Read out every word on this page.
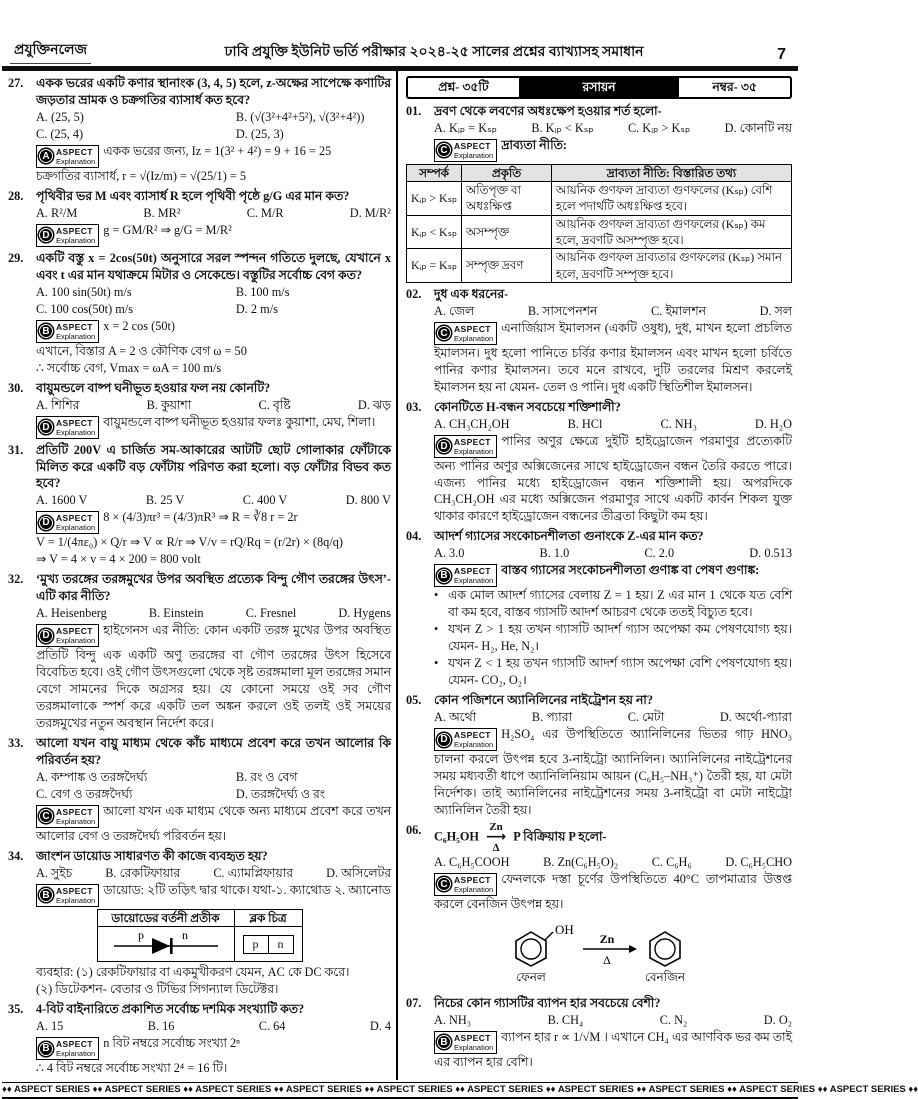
প্রযুক্তিনলেজ	ঢাবি প্রযুক্তি ইউনিট ভর্তি পরীক্ষার ২০২৪-২৫ সালের প্রশ্নের ব্যাখ্যাসহ সমাধান	7
27.	একক ভরের একটি কণার স্থানাংক (3, 4, 5) হলে, z-অক্ষের সাপেক্ষে কণাটির জড়তার ভ্রামক ও চক্রগতির ব্যাসার্ধ কত হবে?
A. (25, 5)	B. (√(3²+4²+5²), √(3²+4²))
C. (25, 4)	D. (25, 3)
A ASPECT
Explanation
একক ভরের জন্য, Iz = 1(3² + 4²) = 9 + 16 = 25
চক্রগতির ব্যাসার্ধ, r = √(Iz/m) = √(25/1) = 5
28.	পৃথিবীর ভর M এবং ব্যাসার্ধ R হলে পৃথিবী পৃষ্ঠে g/G এর মান কত?
A. R²/M	B. MR²	C. M/R	D. M/R²
D ASPECT
Explanation
g = GM/R² ⇒ g/G = M/R²
29.	একটি বস্তু x = 2cos(50t) অনুসারে সরল স্পন্দন গতিতে দুলছে, যেখানে x এবং t এর মান যথাক্রমে মিটার ও সেকেন্ডে। বস্তুটির সর্বোচ্চ বেগ কত?
A. 100 sin(50t) m/s	B. 100 m/s
C. 100 cos(50t) m/s	D. 2 m/s
B ASPECT
Explanation
x = 2 cos (50t)
এখানে, বিস্তার A = 2 ও কৌণিক বেগ ω = 50
∴ সর্বোচ্চ বেগ, Vmax = ωA = 100 m/s
30.	বায়ুমন্ডলে বাষ্প ঘনীভূত হওয়ার ফল নয় কোনটি?
A. শিশির	B. কুয়াশা	C. বৃষ্টি	D. ঝড়
D ASPECT
Explanation
বায়ুমন্ডলে বাষ্প ঘনীভূত হওয়ার ফলঃ কুয়াশা, মেঘ, শিলা।
31.	প্রতিটি 200V এ চার্জিত সম-আকারের আটটি ছোট গোলাকার ফোঁটাকে মিলিত করে একটি বড় ফোঁটায় পরিণত করা হলো। বড় ফোঁটার বিভব কত হবে?
A. 1600 V	B. 25 V	C. 400 V	D. 800 V
D ASPECT
Explanation
8 × (4/3)πr³ = (4/3)πR³ ⇒ R = ∛8 r = 2r
V = 1/(4πε₀) × Q/r ⇒ V ∝ R/r ⇒ V/v = rQ/Rq = (r/2r) × (8q/q)
⇒ V = 4 × v = 4 × 200 = 800 volt
32.	‘মুখ্য তরঙ্গের তরঙ্গমুখের উপর অবস্থিত প্রত্যেক বিন্দু গৌণ তরঙ্গের উৎস’-এটি কার নীতি?
A. Heisenberg	B. Einstein	C. Fresnel	D. Hygens
D ASPECT
Explanation
হাইগেনস এর নীতি: কোন একটি তরঙ্গ মুখের উপর অবস্থিত প্রতিটি বিন্দু এক একটি অণু তরঙ্গের বা গৌণ তরঙ্গের উৎস হিসেবে বিবেচিত হবে। ওই গৌণ উৎসগুলো থেকে সৃষ্ট তরঙ্গমালা মূল তরঙ্গের সমান বেগে সামনের দিকে অগ্রসর হয়। যে কোনো সময়ে ওই সব গৌণ তরঙ্গমালাকে স্পর্শ করে একটি তল অঙ্কন করলে ওই তলই ওই সময়ের তরঙ্গমুখের নতুন অবস্থান নির্দেশ করে।
33.	আলো যখন বায়ু মাধ্যম থেকে কাঁচ মাধ্যমে প্রবেশ করে তখন আলোর কি পরিবর্তন হয়?
A. কম্পাঙ্ক ও তরঙ্গদৈর্ঘ্য	B. রং ও বেগ
C. বেগ ও তরঙ্গদৈর্ঘ্য	D. তরঙ্গদৈর্ঘ্য ও রং
C ASPECT
Explanation
আলো যখন এক মাধ্যম থেকে অন্য মাধ্যমে প্রবেশ করে তখন আলোর বেগ ও তরঙ্গদৈর্ঘ্য পরিবর্তন হয়।
34.	জাংশন ডায়োড সাধারণত কী কাজে ব্যবহৃত হয়?
A. সুইচ	B. রেকটিফায়ার	C. এ্যামপ্লিফায়ার	D. অসিলেটর
B ASPECT
Explanation
ডায়োড: ২টি তড়িৎ দ্বার থাকে। যথা-১. ক্যাথোড ২. অ্যানোড
ডায়োডের বর্তনী প্রতীক	ব্লক চিত্র

p n	p n
ব্যবহার: (১) রেকটিফায়ার বা একমুখীকরণ যেমন, AC কে DC করে।
(২) ডিটেকশন- বেতার ও টিভির সিগন্যাল ডিটেক্টর।
35.	4-বিট বাইনারিতে প্রকাশিত সর্বোচ্চ দশমিক সংখ্যাটি কত?
A. 15	B. 16	C. 64	D. 4
B ASPECT
Explanation
n বিট নম্বরে সর্বোচ্চ সংখ্যা 2ⁿ
∴ 4 বিট নম্বরে সর্বোচ্চ সংখ্যা 2⁴ = 16 টি।
প্রশ্ন- ৩৫টি	রসায়ন	নম্বর- ৩৫
01.	দ্রবণ থেকে লবণের অধঃক্ষেপ হওয়ার শর্ত হলো-
A. Kᵢₚ = Kₛₚ	B. Kᵢₚ < Kₛₚ	C. Kᵢₚ > Kₛₚ	D. কোনটি নয়
C ASPECT
Explanation
দ্রাব্যতা নীতি:
সম্পর্ক	প্রকৃতি	দ্রাব্যতা নীতি: বিস্তারিত তথ্য
Kᵢₚ > Kₛₚ	অতিপৃক্ত বা অধঃক্ষিপ্ত	আয়নিক গুণফল দ্রাব্যতা গুণফলের (Kₛₚ) বেশি হলে পদার্থটি অধঃক্ষিপ্ত হবে।
Kᵢₚ < Kₛₚ	অসম্পৃক্ত	আয়নিক গুণফল দ্রাব্যতা গুণফলের (Kₛₚ) কম হলে, দ্রবণটি অসম্পৃক্ত হবে।
Kᵢₚ = Kₛₚ	সম্পৃক্ত দ্রবণ	আয়নিক গুণফল দ্রাব্যতার গুণফলের (Kₛₚ) সমান হলে, দ্রবণটি সম্পৃক্ত হবে।
02.	দুধ এক ধরনের-
A. জেল	B. সাসপেনশন	C. ইমালশন	D. সল
C ASPECT
Explanation
এনার্জিয়াস ইমালসন (একটি ওষুধ), দুধ, মাখন হলো প্রচলিত ইমালসন। দুধ হলো পানিতে চর্বির কণার ইমালসন এবং মাখন হলো চর্বিতে পানির কণার ইমালসন। তবে মনে রাখবে, দুটি তরলের মিশ্রণ করলেই ইমালসন হয় না যেমন- তেল ও পানি। দুধ একটি স্থিতিশীল ইমালসন।
03.	কোনটিতে H-বন্ধন সবচেয়ে শক্তিশালী?
A. CH₃CH₂OH	B. HCl	C. NH₃	D. H₂O
D ASPECT
Explanation
পানির অণুর ক্ষেত্রে দুইটি হাইড্রোজেন পরমাণুর প্রত্যেকটি অন্য পানির অণুর অক্সিজেনের সাথে হাইড্রোজেন বন্ধন তৈরি করতে পারে। এজন্য পানির মধ্যে হাইড্রোজেন বন্ধন শক্তিশালী হয়। অপরদিকে CH₃CH₂OH এর মধ্যে অক্সিজেন পরমাণুর সাথে একটি কার্বন শিকল যুক্ত থাকার কারণে হাইড্রোজেন বন্ধনের তীব্রতা কিছুটা কম হয়।
04.	আদর্শ গ্যাসের সংকোচনশীলতা গুনাংকে Z-এর মান কত?
A. 3.0	B. 1.0	C. 2.0	D. 0.513
B ASPECT
Explanation
বাস্তব গ্যাসের সংকোচনশীলতা গুণাঙ্ক বা পেষণ গুণাঙ্ক:
• এক মোল আদর্শ গ্যাসের বেলায় Z = 1 হয়। Z এর মান 1 থেকে যত বেশি বা কম হবে, বাস্তব গ্যাসটি আদর্শ আচরণ থেকে ততই বিচ্যুত হবে।
• যখন Z > 1 হয় তখন গ্যাসটি আদর্শ গ্যাস অপেক্ষা কম পেষণযোগ্য হয়। যেমন- H₂, He, N₂।
• যখন Z < 1 হয় তখন গ্যাসটি আদর্শ গ্যাস অপেক্ষা বেশি পেষণযোগ্য হয়। যেমন- CO₂, O₂।
05.	কোন পজিশনে অ্যানিলিনের নাইট্রেশন হয় না?
A. অর্থো	B. প্যারা	C. মেটা	D. অর্থো-প্যারা
D ASPECT
Explanation
H₂SO₄ এর উপস্থিতিতে অ্যানিলিনের ভিতর গাঢ় HNO₃ চালনা করলে উৎপন্ন হবে 3-নাইট্রো অ্যানিলিন। অ্যানিলিনের নাইট্রেশনের সময় মধ্যবর্তী ধাপে অ্যানিলিনিয়াম আয়ন (C₆H₅–NH₃⁺) তৈরী হয়, যা মেটা নির্দেশক। তাই অ্যানিলিনের নাইট্রেশনের সময় 3-নাইট্রো বা মেটা নাইট্রো অ্যানিলিন তৈরী হয়।
06.	C₆H₅OH
Zn
⟶
Δ
P বিক্রিয়ায় P হলো-
A. C₆H₅COOH	B. Zn(C₆H₅O)₂	C. C₆H₆	D. C₆H₅CHO
C ASPECT
Explanation
ফেনলকে দস্তা চূর্ণের উপস্থিতিতে 40°C তাপমাত্রার উত্তপ্ত করলে বেনজিন উৎপন্ন হয়।
OH
Zn
Δ
ফেনল	বেনজিন
07.	নিচের কোন গ্যাসটির ব্যাপন হার সবচেয়ে বেশী?
A. NH₃	B. CH₄	C. N₂	D. O₂
B ASPECT
Explanation
ব্যাপন হার r ∝ 1/√M । এখানে CH₄ এর আণবিক ভর কম তাই এর ব্যাপন হার বেশি।
♦♦ ASPECT SERIES ♦♦ ASPECT SERIES ♦♦ ASPECT SERIES ♦♦ ASPECT SERIES ♦♦ ASPECT SERIES ♦♦ ASPECT SERIES ♦♦ ASPECT SERIES ♦♦ ASPECT SERIES ♦♦ ASPECT SERIES ♦♦ ASPECT SERIES ♦♦
